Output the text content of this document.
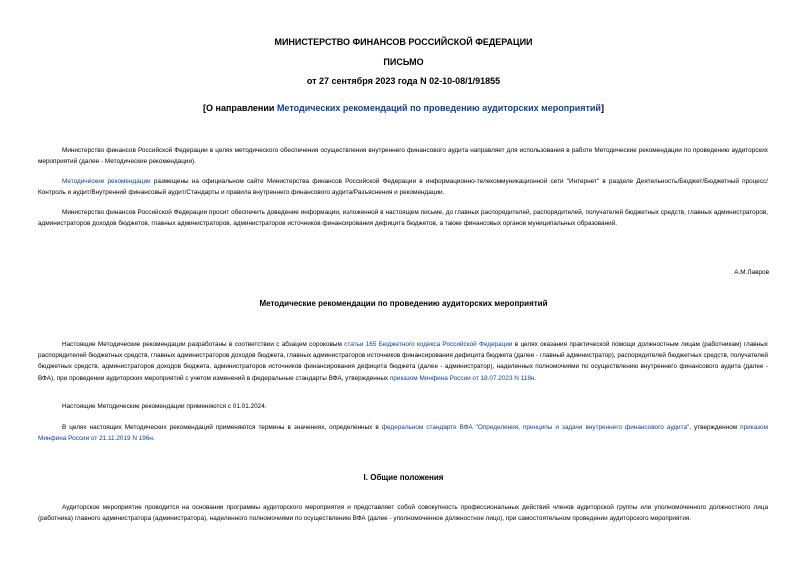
МИНИСТЕРСТВО ФИНАНСОВ РОССИЙСКОЙ ФЕДЕРАЦИИ
ПИСЬМО
от 27 сентября 2023 года N 02-10-08/1/91855
[О направлении Методических рекомендаций по проведению аудиторских мероприятий]
Министерство финансов Российской Федерации в целях методического обеспечения осуществления внутреннего финансового аудита направляет для использования в работе Методические рекомендации по проведению аудиторских мероприятий (далее - Методические рекомендации).
Методические рекомендации размещены на официальном сайте Министерства финансов Российской Федерации в информационно-телекоммуникационной сети "Интернет" в разделе Деятельность/Бюджет/Бюджетный процесс/Контроль и аудит/Внутренний финансовый аудит/Стандарты и правила внутреннего финансового аудита/Разъяснения и рекомендации.
Министерство финансов Российской Федерации просит обеспечить доведение информации, изложенной в настоящем письме, до главных распорядителей, распорядителей, получателей бюджетных средств, главных администраторов, администраторов доходов бюджетов, главных администраторов, администраторов источников финансирования дефицита бюджетов, а также финансовых органов муниципальных образований.
А.М.Лавров
Методические рекомендации по проведению аудиторских мероприятий
Настоящие Методические рекомендации разработаны в соответствии с абзацем сороковым статьи 165 Бюджетного кодекса Российской Федерации в целях оказания практической помощи должностным лицам (работникам) главных распорядителей бюджетных средств, главных администраторов доходов бюджета, главных администраторов источников финансирования дефицита бюджета (далее - главный администратор), распорядителей бюджетных средств, получателей бюджетных средств, администраторов доходов бюджета, администраторов источников финансирования дефицита бюджета (далее - администратор), наделенных полномочиями по осуществлению внутреннего финансового аудита (далее - ВФА), при проведении аудиторских мероприятий с учетом изменений в федеральные стандарты ВФА, утвержденных приказом Минфина России от 18.07.2023 N 118н.
Настоящие Методические рекомендации применяются с 01.01.2024.
В целях настоящих Методических рекомендаций применяются термины в значениях, определенных в федеральном стандарте ВФА "Определения, принципы и задачи внутреннего финансового аудита", утвержденном приказом Минфина России от 21.11.2019 N 196н.
I. Общие положения
Аудиторское мероприятие проводится на основании программы аудиторского мероприятия и представляет собой совокупность профессиональных действий членов аудиторской группы или уполномоченного должностного лица (работника) главного администратора (администратора), наделенного полномочиями по осуществлению ВФА (далее - уполномоченное должностное лицо), при самостоятельном проведении аудиторского мероприятия.
